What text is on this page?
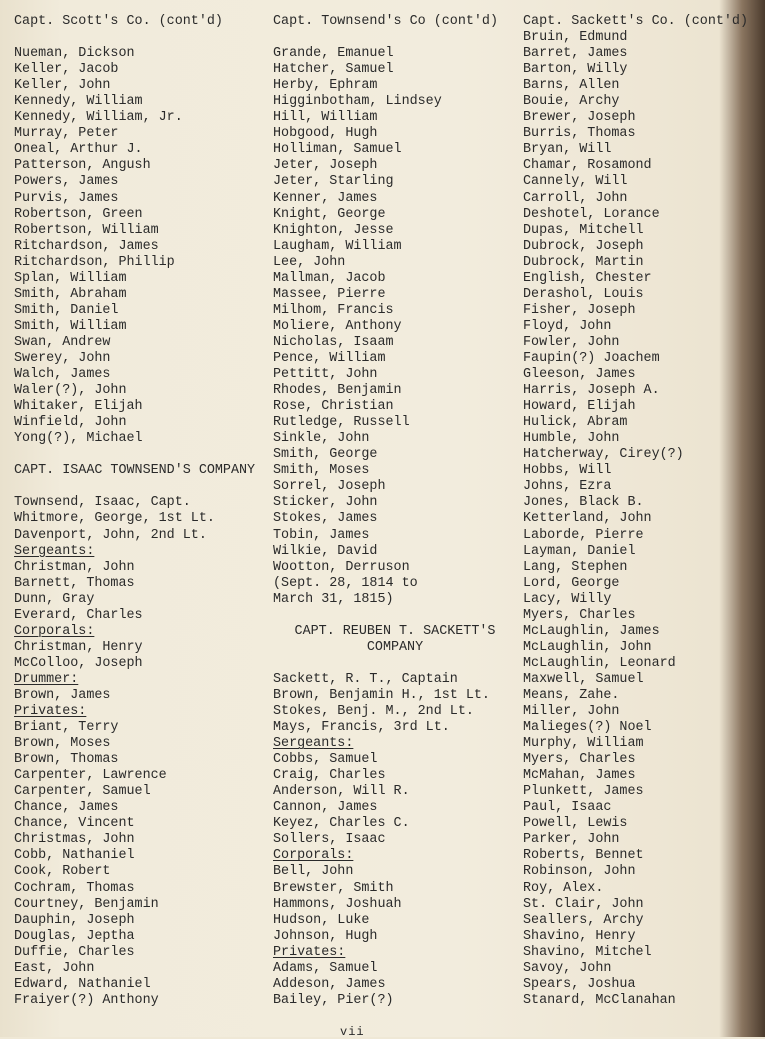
Capt. Scott's Co. (cont'd)
Nueman, Dickson
Keller, Jacob
Keller, John
Kennedy, William
Kennedy, William, Jr.
Murray, Peter
Oneal, Arthur J.
Patterson, Angush
Powers, James
Purvis, James
Robertson, Green
Robertson, William
Ritchardson, James
Ritchardson, Phillip
Splan, William
Smith, Abraham
Smith, Daniel
Smith, William
Swan, Andrew
Swerey, John
Walch, James
Waler(?), John
Whitaker, Elijah
Winfield, John
Yong(?), Michael
CAPT. ISAAC TOWNSEND'S COMPANY
Townsend, Isaac, Capt.
Whitmore, George, 1st Lt.
Davenport, John, 2nd Lt.
Sergeants:
Christman, John
Barnett, Thomas
Dunn, Gray
Everard, Charles
Corporals:
Christman, Henry
McColloo, Joseph
Drummer:
Brown, James
Privates:
Briant, Terry
Brown, Moses
Brown, Thomas
Carpenter, Lawrence
Carpenter, Samuel
Chance, James
Chance, Vincent
Christmas, John
Cobb, Nathaniel
Cook, Robert
Cochram, Thomas
Courtney, Benjamin
Dauphin, Joseph
Douglas, Jeptha
Duffie, Charles
East, John
Edward, Nathaniel
Fraiyer(?) Anthony
Capt. Townsend's Co (cont'd)
Grande, Emanuel
Hatcher, Samuel
Herby, Ephram
Higginbotham, Lindsey
Hill, William
Hobgood, Hugh
Holliman, Samuel
Jeter, Joseph
Jeter, Starling
Kenner, James
Knight, George
Knighton, Jesse
Laugham, William
Lee, John
Mallman, Jacob
Massee, Pierre
Milhom, Francis
Moliere, Anthony
Nicholas, Isaam
Pence, William
Pettitt, John
Rhodes, Benjamin
Rose, Christian
Rutledge, Russell
Sinkle, John
Smith, George
Smith, Moses
Sorrel, Joseph
Sticker, John
Stokes, James
Tobin, James
Wilkie, David
Wootton, Derruson
(Sept. 28, 1814 to
March 31, 1815)
CAPT. REUBEN T. SACKETT'S
COMPANY
Sackett, R. T., Captain
Brown, Benjamin H., 1st Lt.
Stokes, Benj. M., 2nd Lt.
Mays, Francis, 3rd Lt.
Sergeants:
Cobbs, Samuel
Craig, Charles
Anderson, Will R.
Cannon, James
Keyez, Charles C.
Sollers, Isaac
Corporals:
Bell, John
Brewster, Smith
Hammons, Joshuah
Hudson, Luke
Johnson, Hugh
Privates:
Adams, Samuel
Addeson, James
Bailey, Pier(?)
Capt. Sackett's Co. (cont'd)
Bruin, Edmund
Barret, James
Barton, Willy
Barns, Allen
Bouie, Archy
Brewer, Joseph
Burris, Thomas
Bryan, Will
Chamar, Rosamond
Cannely, Will
Carroll, John
Deshotel, Lorance
Dupas, Mitchell
Dubrock, Joseph
Dubrock, Martin
English, Chester
Derashol, Louis
Fisher, Joseph
Floyd, John
Fowler, John
Faupin(?) Joachem
Gleeson, James
Harris, Joseph A.
Howard, Elijah
Hulick, Abram
Humble, John
Hatcherway, Cirey(?)
Hobbs, Will
Johns, Ezra
Jones, Black B.
Ketterland, John
Laborde, Pierre
Layman, Daniel
Lang, Stephen
Lord, George
Lacy, Willy
Myers, Charles
McLaughlin, James
McLaughlin, John
McLaughlin, Leonard
Maxwell, Samuel
Means, Zahe.
Miller, John
Malieges(?) Noel
Murphy, William
Myers, Charles
McMahan, James
Plunkett, James
Paul, Isaac
Powell, Lewis
Parker, John
Roberts, Bennet
Robinson, John
Roy, Alex.
St. Clair, John
Seallers, Archy
Shavino, Henry
Shavino, Mitchel
Savoy, John
Spears, Joshua
Stanard, McClanahan
vii
